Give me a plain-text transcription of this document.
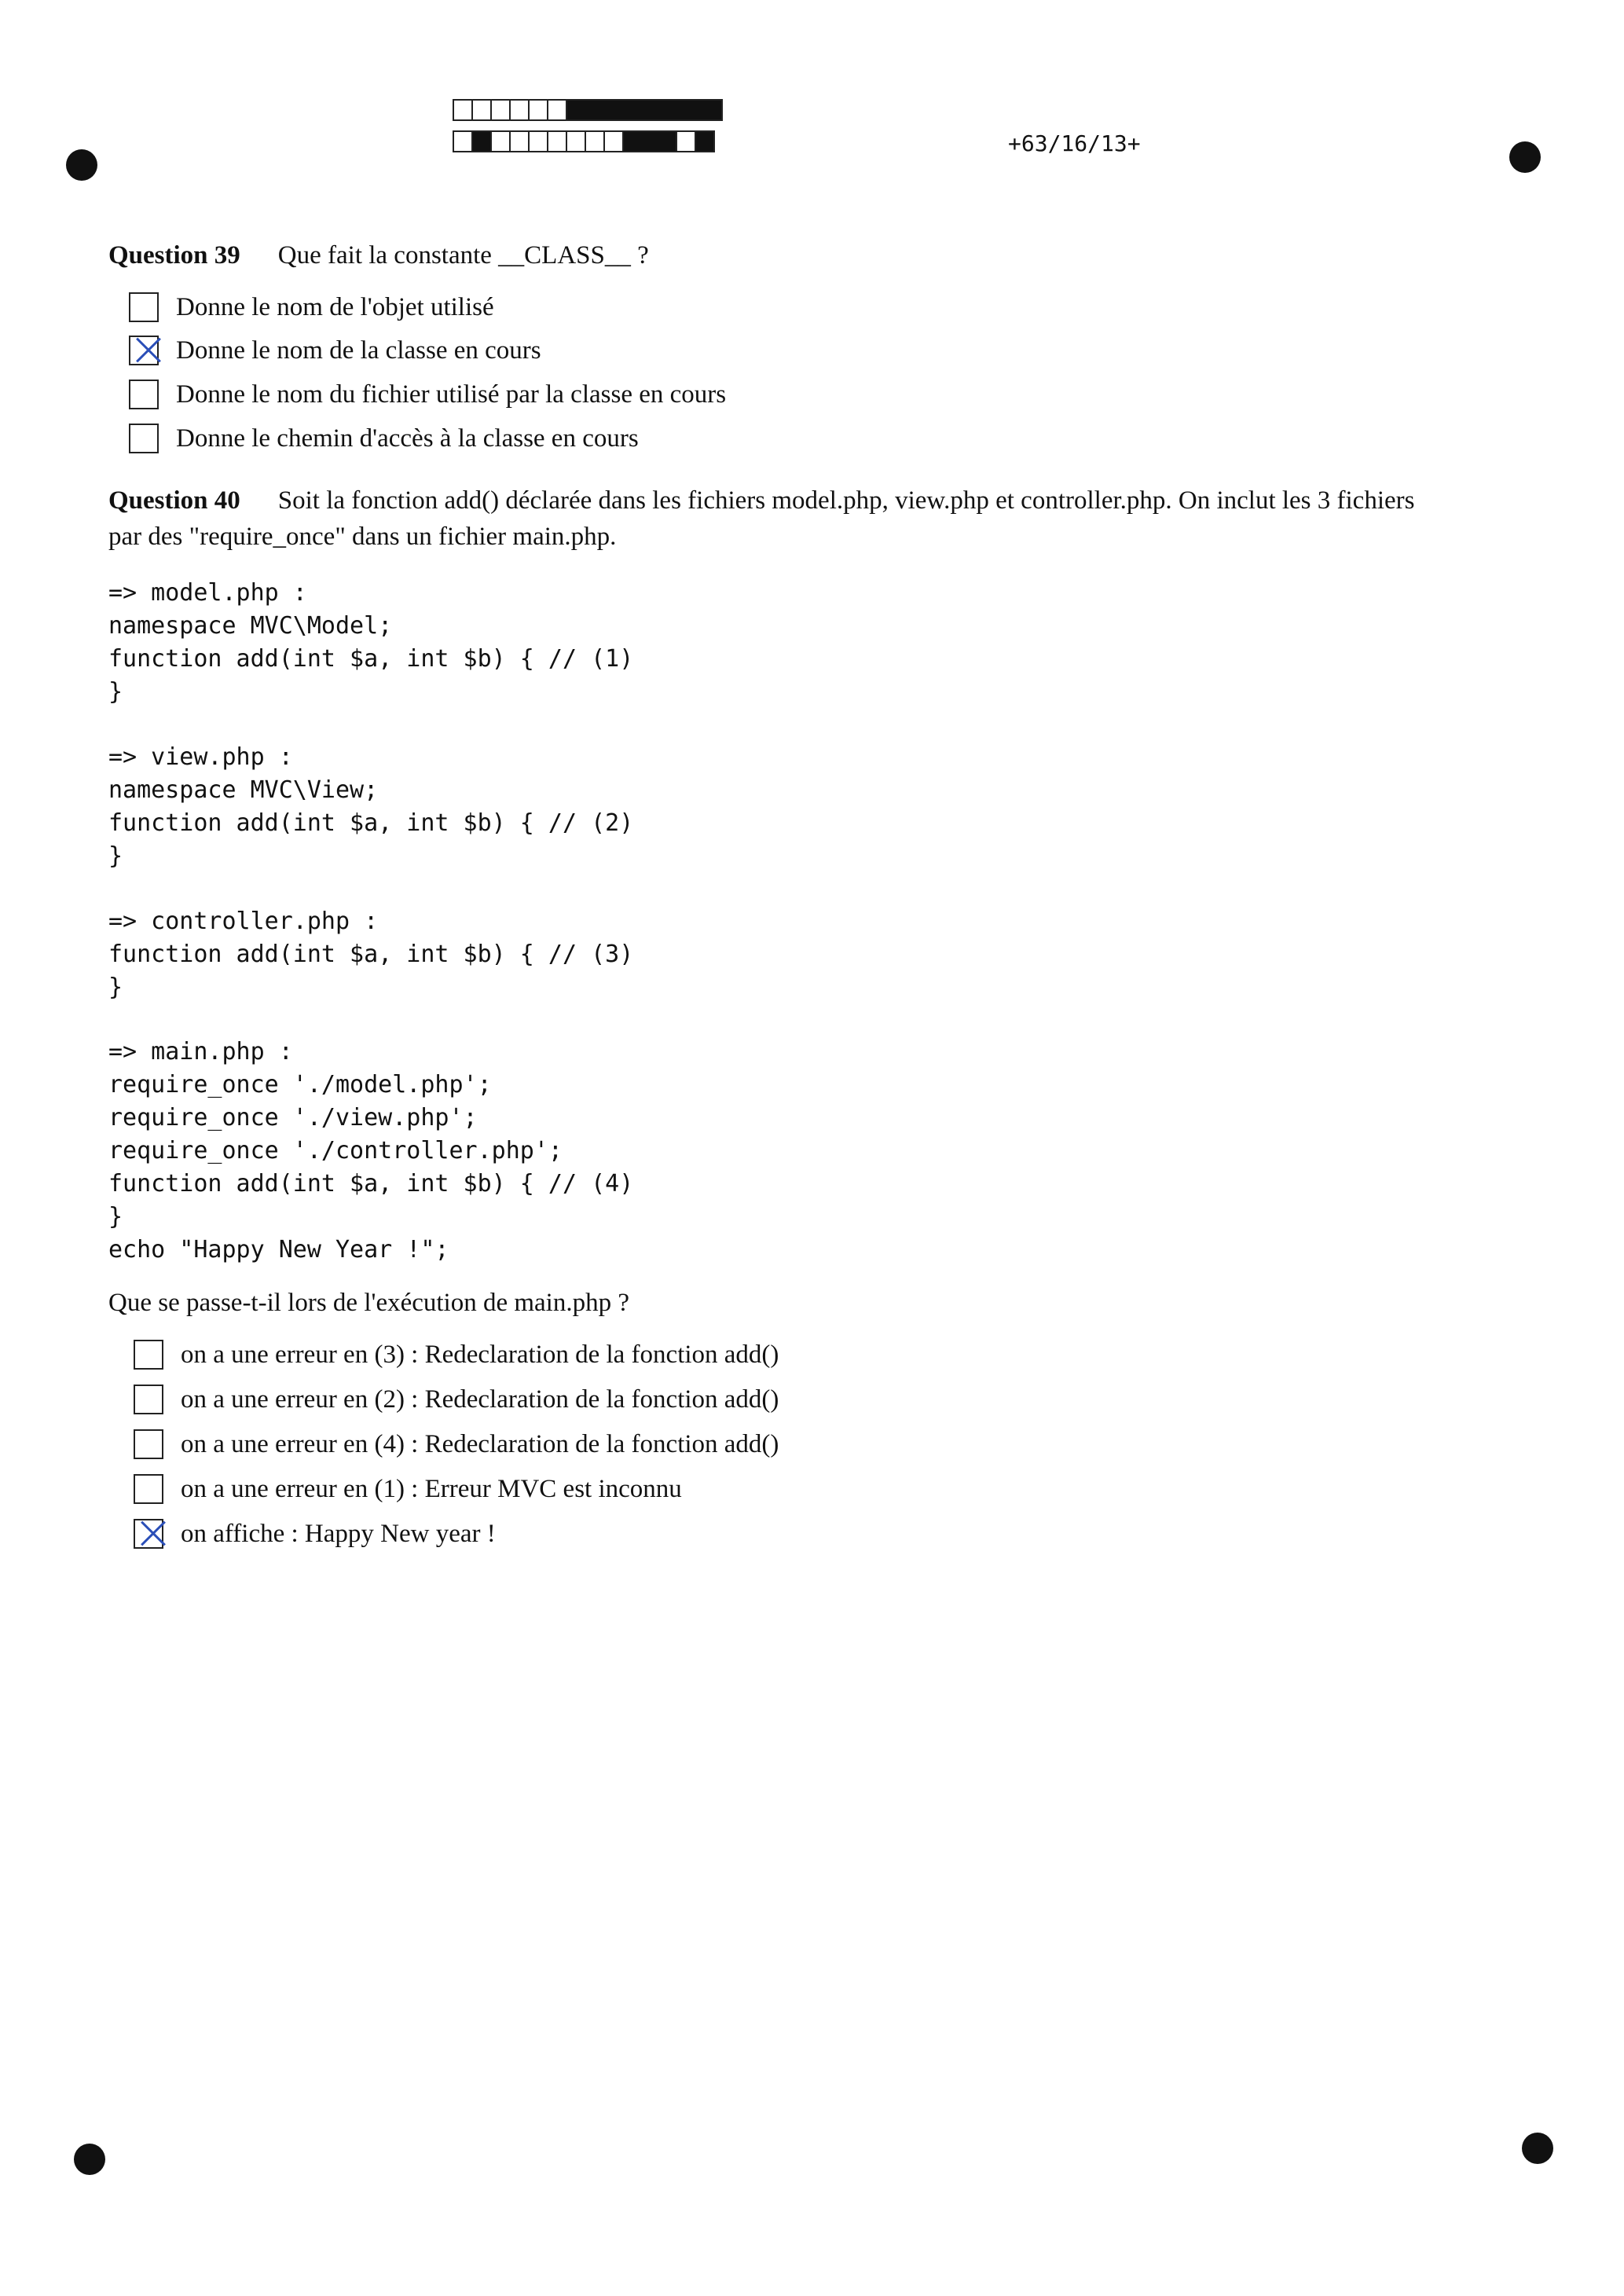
+63/16/13+
Question 39 Que fait la constante __CLASS__ ?
Donne le nom de l'objet utilisé
Donne le nom de la classe en cours
Donne le nom du fichier utilisé par la classe en cours
Donne le chemin d'accès à la classe en cours
Question 40 Soit la fonction add() déclarée dans les fichiers model.php, view.php et controller.php. On inclut les 3 fichiers
par des "require_once" dans un fichier main.php.
=> model.php :
namespace MVC\Model;
function add(int $a, int $b) { // (1)
}
=> view.php :
namespace MVC\View;
function add(int $a, int $b) { // (2)
}
=> controller.php :
function add(int $a, int $b) { // (3)
}
=> main.php :
require_once './model.php';
require_once './view.php';
require_once './controller.php';
function add(int $a, int $b) { // (4)
}
echo "Happy New Year !";
Que se passe-t-il lors de l'exécution de main.php ?
on a une erreur en (3) : Redeclaration de la fonction add()
on a une erreur en (2) : Redeclaration de la fonction add()
on a une erreur en (4) : Redeclaration de la fonction add()
on a une erreur en (1) : Erreur MVC est inconnu
on affiche : Happy New year !
